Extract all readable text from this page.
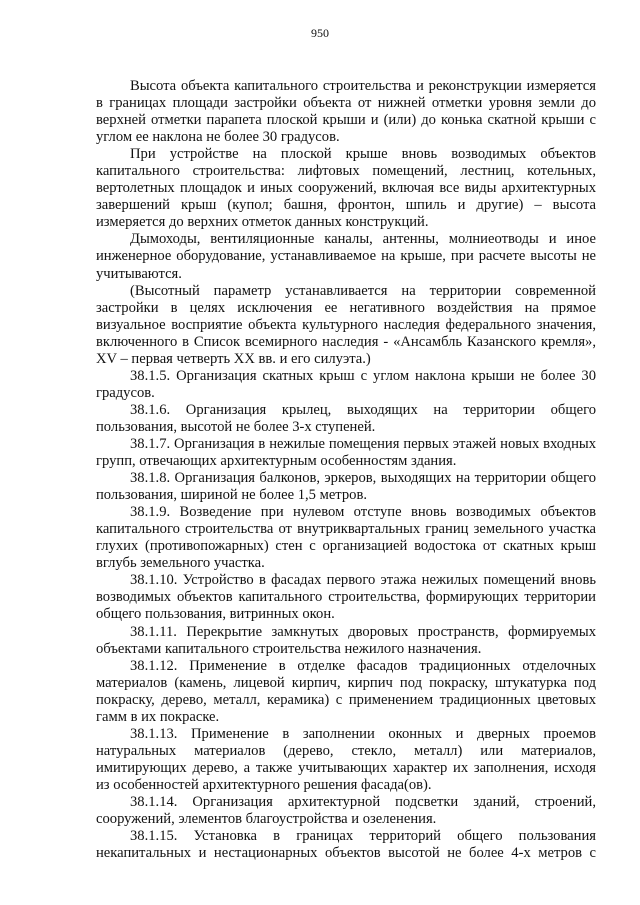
950

Высота объекта капитального строительства и реконструкции измеряется в границах площади застройки объекта от нижней отметки уровня земли до верхней отметки парапета плоской крыши и (или) до конька скатной крыши с углом ее наклона не более 30 градусов.

При устройстве на плоской крыше вновь возводимых объектов капитального строительства: лифтовых помещений, лестниц, котельных, вертолетных площадок и иных сооружений, включая все виды архитектурных завершений крыш (купол; башня, фронтон, шпиль и другие) – высота измеряется до верхних отметок данных конструкций.

Дымоходы, вентиляционные каналы, антенны, молниеотводы и иное инженерное оборудование, устанавливаемое на крыше, при расчете высоты не учитываются.

(Высотный параметр устанавливается на территории современной застройки в целях исключения ее негативного воздействия на прямое визуальное восприятие объекта культурного наследия федерального значения, включенного в Список всемирного наследия - «Ансамбль Казанского кремля», XV – первая четверть XX вв. и его силуэта.)

38.1.5. Организация скатных крыш с углом наклона крыши не более 30 градусов.

38.1.6. Организация крылец, выходящих на территории общего пользования, высотой не более 3-х ступеней.

38.1.7. Организация в нежилые помещения первых этажей новых входных групп, отвечающих архитектурным особенностям здания.

38.1.8. Организация балконов, эркеров, выходящих на территории общего пользования, шириной не более 1,5 метров.

38.1.9. Возведение при нулевом отступе вновь возводимых объектов капитального строительства от внутриквартальных границ земельного участка глухих (противопожарных) стен с организацией водостока от скатных крыш вглубь земельного участка.

38.1.10. Устройство в фасадах первого этажа нежилых помещений вновь возводимых объектов капитального строительства, формирующих территории общего пользования, витринных окон.

38.1.11. Перекрытие замкнутых дворовых пространств, формируемых объектами капитального строительства нежилого назначения.

38.1.12. Применение в отделке фасадов традиционных отделочных материалов (камень, лицевой кирпич, кирпич под покраску, штукатурка под покраску, дерево, металл, керамика) с применением традиционных цветовых гамм в их покраске.

38.1.13. Применение в заполнении оконных и дверных проемов натуральных материалов (дерево, стекло, металл) или материалов, имитирующих дерево, а также учитывающих характер их заполнения, исходя из особенностей архитектурного решения фасада(ов).

38.1.14. Организация архитектурной подсветки зданий, строений, сооружений, элементов благоустройства и озеленения.

38.1.15. Установка в границах территорий общего пользования некапитальных и нестационарных объектов высотой не более 4-х метров с
